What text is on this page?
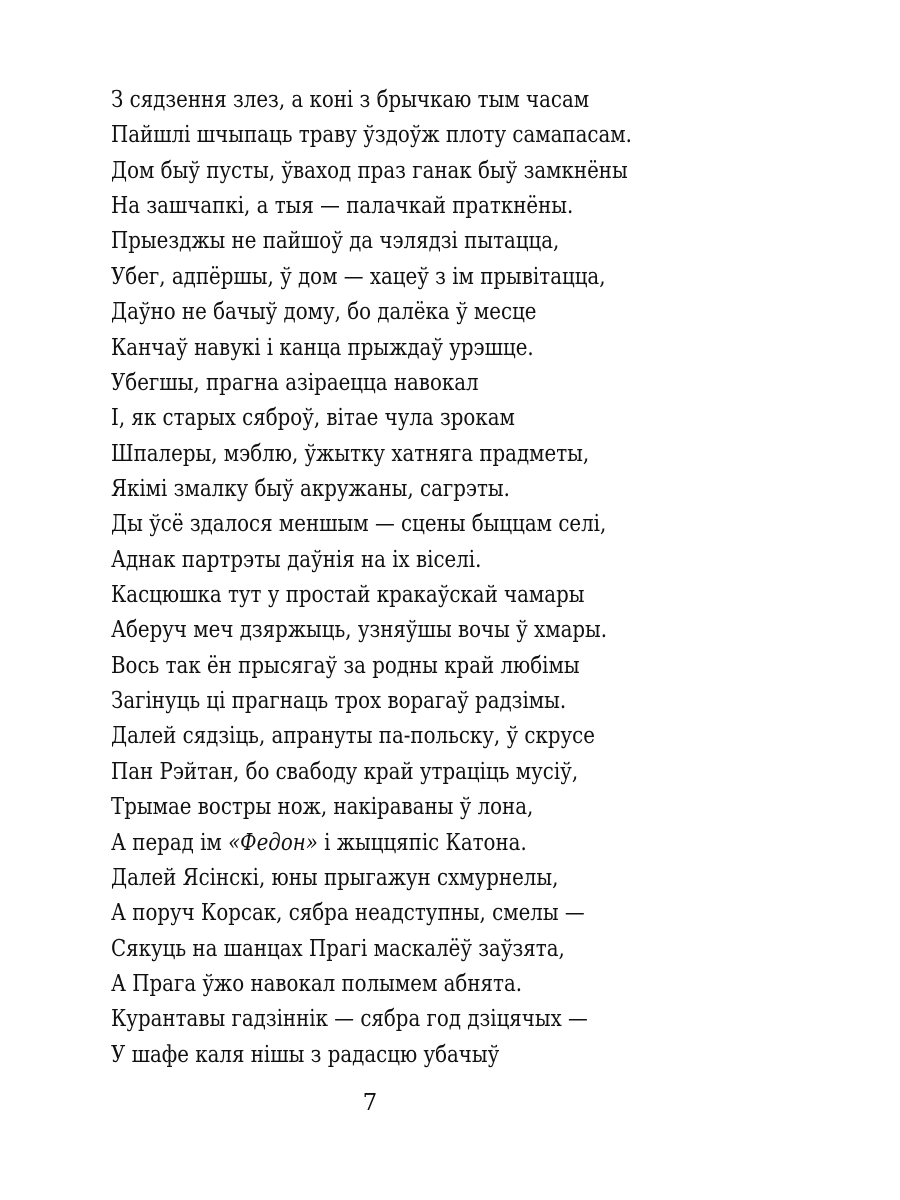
З сядзення злез, а коні з брычкаю тым часам
Пайшлі шчыпаць траву ўздоўж плоту самапасам.
Дом быў пусты, ўваход праз ганак быў замкнёны
На зашчапкі, а тыя — палачкай праткнёны.
Прыезджы не пайшоў да чэлядзі пытацца,
Убег, адпёршы, ў дом — хацеў з ім прывітацца,
Даўно не бачыў дому, бо далёка ў месце
Канчаў навукі і канца прыждаў урэшце.
Убегшы, прагна азіраецца навокал
І, як старых сяброў, вітае чула зрокам
Шпалеры, мэблю, ўжытку хатняга прадметы,
Якімі змалку быў акружаны, сагрэты.
Ды ўсё здалося меншым — сцены быццам селі,
Аднак партрэты даўнія на іх віселі.
Касцюшка тут у простай кракаўскай чамары
Аберуч меч дзяржыць, узняўшы вочы ў хмары.
Вось так ён прысягаў за родны край любімы
Загінуць ці прагнаць трох ворагаў радзімы.
Далей сядзіць, апрануты па-польску, ў скрусе
Пан Рэйтан, бо свабоду край утраціць мусіў,
Трымае востры нож, накіраваны ў лона,
А перад ім «Федон» і жыццяпіс Катона.
Далей Ясінскі, юны прыгажун схмурнелы,
А поруч Корсак, сябра неадступны, смелы —
Сякуць на шанцах Прагі маскалёў заўзята,
А Прага ўжо навокал полымем абнята.
Курантавы гадзіннік — сябра год дзіцячых —
У шафе каля нішы з радасцю убачыў
7
